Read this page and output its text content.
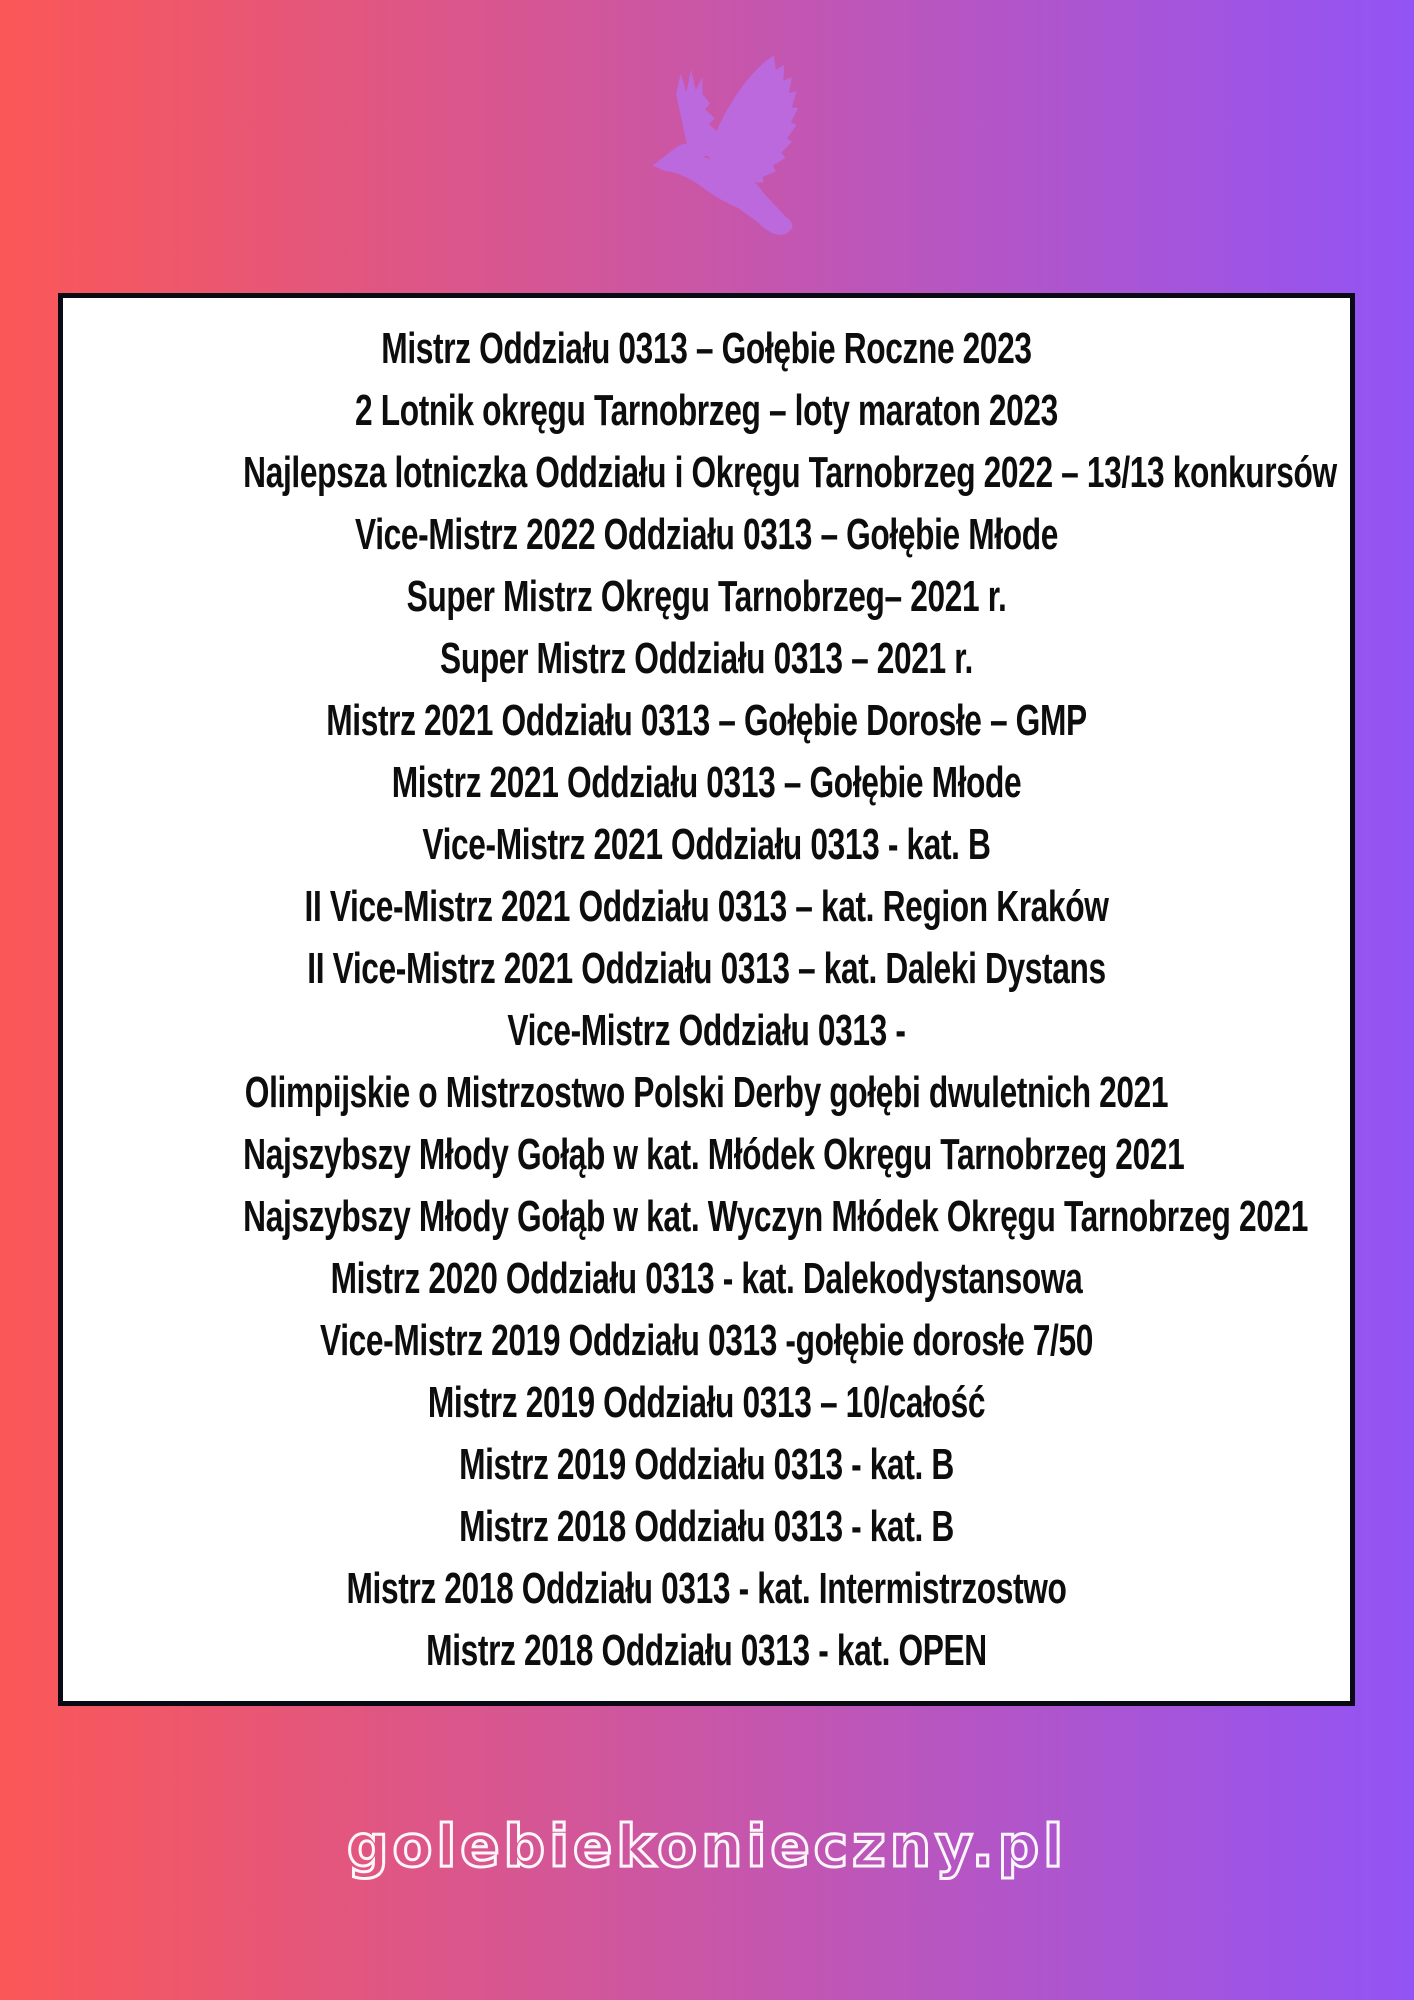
Mistrz Oddziału 0313 – Gołębie Roczne 2023
2 Lotnik okręgu Tarnobrzeg – loty maraton 2023
Najlepsza lotniczka Oddziału i Okręgu Tarnobrzeg 2022 – 13/13 konkursów
Vice-Mistrz 2022 Oddziału 0313 – Gołębie Młode
Super Mistrz Okręgu Tarnobrzeg– 2021 r.
Super Mistrz Oddziału 0313 – 2021 r.
Mistrz 2021 Oddziału 0313 – Gołębie Dorosłe – GMP
Mistrz 2021 Oddziału 0313 – Gołębie Młode
Vice-Mistrz 2021 Oddziału 0313 - kat. B
II Vice-Mistrz 2021 Oddziału 0313 – kat. Region Kraków
II Vice-Mistrz 2021 Oddziału 0313 – kat. Daleki Dystans
Vice-Mistrz Oddziału 0313 -
Olimpijskie o Mistrzostwo Polski Derby gołębi dwuletnich 2021
Najszybszy Młody Gołąb w kat. Młódek Okręgu Tarnobrzeg 2021
Najszybszy Młody Gołąb w kat. Wyczyn Młódek Okręgu Tarnobrzeg 2021
Mistrz 2020 Oddziału 0313 - kat. Dalekodystansowa
Vice-Mistrz 2019 Oddziału 0313 -gołębie dorosłe 7/50
Mistrz 2019 Oddziału 0313 – 10/całość
Mistrz 2019 Oddziału 0313 - kat. B
Mistrz 2018 Oddziału 0313 - kat. B
Mistrz 2018 Oddziału 0313 - kat. Intermistrzostwo
Mistrz 2018 Oddziału 0313 - kat. OPEN
golebiekonieczny.pl
